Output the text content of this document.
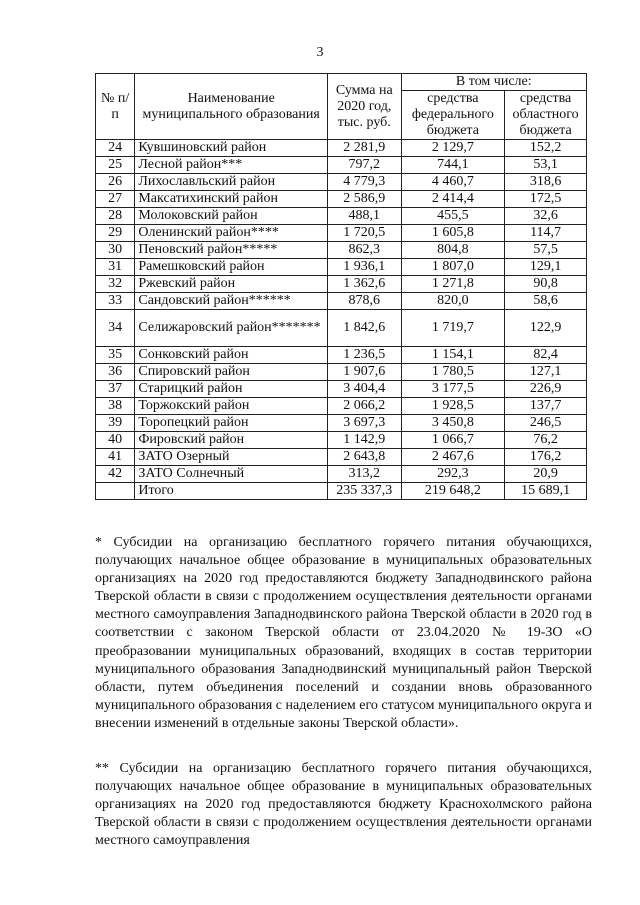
3
№ п/п	Наименование муниципального образования	Сумма на 2020 год, тыс. руб.	В том числе:	
			средства федерального бюджета	средства областного бюджета
24	Кувшиновский район	2 281,9	2 129,7	152,2
25	Лесной район***	797,2	744,1	53,1
26	Лихославльский район	4 779,3	4 460,7	318,6
27	Максатихинский район	2 586,9	2 414,4	172,5
28	Молоковский район	488,1	455,5	32,6
29	Оленинский район****	1 720,5	1 605,8	114,7
30	Пеновский район*****	862,3	804,8	57,5
31	Рамешковский район	1 936,1	1 807,0	129,1
32	Ржевский район	1 362,6	1 271,8	90,8
33	Сандовский район******	878,6	820,0	58,6
34	Селижаровский район*******	1 842,6	1 719,7	122,9
35	Сонковский район	1 236,5	1 154,1	82,4
36	Спировский район	1 907,6	1 780,5	127,1
37	Старицкий район	3 404,4	3 177,5	226,9
38	Торжокский район	2 066,2	1 928,5	137,7
39	Торопецкий район	3 697,3	3 450,8	246,5
40	Фировский район	1 142,9	1 066,7	76,2
41	ЗАТО Озерный	2 643,8	2 467,6	176,2
42	ЗАТО Солнечный	313,2	292,3	20,9
	Итого	235 337,3	219 648,2	15 689,1

* Субсидии на организацию бесплатного горячего питания обучающихся, получающих начальное общее образование в муниципальных образовательных организациях на 2020 год предоставляются бюджету Западнодвинского района Тверской области в связи с продолжением осуществления деятельности органами местного самоуправления Западнодвинского района Тверской области в 2020 год в соответствии с законом Тверской области от 23.04.2020 № 19-ЗО «О преобразовании муниципальных образований, входящих в состав территории муниципального образования Западнодвинский муниципальный район Тверской области, путем объединения поселений и создании вновь образованного муниципального образования с наделением его статусом муниципального округа и внесении изменений в отдельные законы Тверской области».

** Субсидии на организацию бесплатного горячего питания обучающихся, получающих начальное общее образование в муниципальных образовательных организациях на 2020 год предоставляются бюджету Краснохолмского района Тверской области в связи с продолжением осуществления деятельности органами местного самоуправления
